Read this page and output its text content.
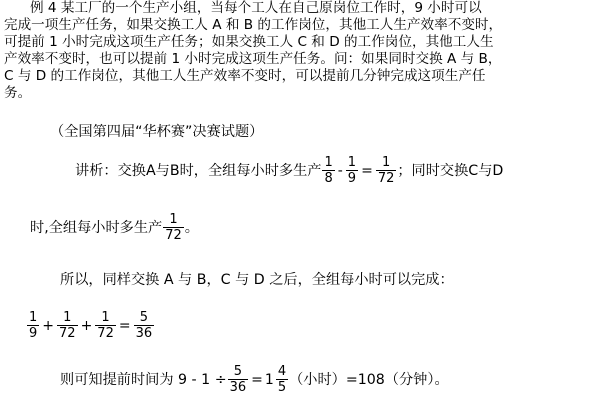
例 4 某工厂的一个生产小组，当每个工人在自己原岗位工作时，9 小时可以
完成一项生产任务，如果交换工人 A 和 B 的工作岗位，其他工人生产效率不变时，
可提前 1 小时完成这项生产任务；如果交换工人 C 和 D 的工作岗位，其他工人生
产效率不变时，也可以提前 1 小时完成这项生产任务。问：如果同时交换 A 与 B，
C 与 D 的工作岗位，其他工人生产效率不变时，可以提前几分钟完成这项生产任
务。
（全国第四届“华杯赛”决赛试题）
讲析：交换A与B时，全组每小时多生产 $\frac{1}{8} - \frac{1}{9} = \frac{1}{72}$ ；同时交换C与D
时,全组每小时多生产 $\frac{1}{72}$ 。
所以，同样交换 A 与 B，C 与 D 之后，全组每小时可以完成：
$\frac{1}{9} + \frac{1}{72} + \frac{1}{72} = \frac{5}{36}$
则可知提前时间为 $9 - 1 \div \frac{5}{36} = 1 \frac{4}{5}$ （小时）=108（分钟）。
